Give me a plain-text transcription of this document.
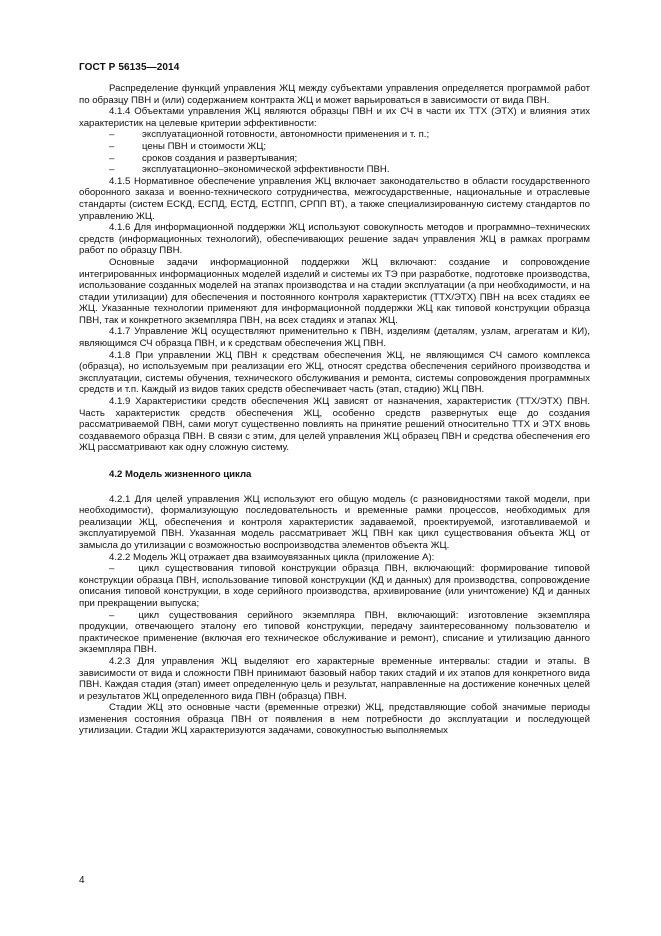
ГОСТ Р 56135—2014

Распределение функций управления ЖЦ между субъектами управления определяется программой работ по образцу ПВН и (или) содержанием контракта ЖЦ и может варьироваться в зависимости от вида ПВН.

4.1.4 Объектами управления ЖЦ являются образцы ПВН и их СЧ в части их ТТХ (ЭТХ) и влияния этих характеристик на целевые критерии эффективности:

–	эксплуатационной готовности, автономности применения и т. п.;
–	цены ПВН и стоимости ЖЦ;
–	сроков создания и развертывания;
–	эксплуатационно–экономической эффективности ПВН.

4.1.5 Нормативное обеспечение управления ЖЦ включает законодательство в области государственного оборонного заказа и военно-технического сотрудничества, межгосударственные, национальные и отраслевые стандарты (систем ЕСКД, ЕСПД, ЕСТД, ЕСТПП, СРПП ВТ), а также специализированную систему стандартов по управлению ЖЦ.

4.1.6 Для информационной поддержки ЖЦ используют совокупность методов и программно–технических средств (информационных технологий), обеспечивающих решение задач управления ЖЦ в рамках программ работ по образцу ПВН.

Основные задачи информационной поддержки ЖЦ включают: создание и сопровождение интегрированных информационных моделей изделий и системы их ТЭ при разработке, подготовке производства, использование созданных моделей на этапах производства и на стадии эксплуатации (а при необходимости, и на стадии утилизации) для обеспечения и постоянного контроля характеристик (ТТХ/ЭТХ) ПВН на всех стадиях ее ЖЦ. Указанные технологии применяют для информационной поддержки ЖЦ как типовой конструкции образца ПВН, так и конкретного экземпляра ПВН, на всех стадиях и этапах ЖЦ.

4.1.7 Управление ЖЦ осуществляют применительно к ПВН, изделиям (деталям, узлам, агрегатам и КИ), являющимся СЧ образца ПВН, и к средствам обеспечения ЖЦ ПВН.

4.1.8 При управлении ЖЦ ПВН к средствам обеспечения ЖЦ, не являющимся СЧ самого комплекса (образца), но используемым при реализации его ЖЦ, относят средства обеспечения серийного производства и эксплуатации, системы обучения, технического обслуживания и ремонта, системы сопровождения программных средств и т.п. Каждый из видов таких средств обеспечивает часть (этап, стадию) ЖЦ ПВН.

4.1.9 Характеристики средств обеспечения ЖЦ зависят от назначения, характеристик (ТТХ/ЭТХ) ПВН. Часть характеристик средств обеспечения ЖЦ, особенно средств развернутых еще до создания рассматриваемой ПВН, сами могут существенно повлиять на принятие решений относительно ТТХ и ЭТХ вновь создаваемого образца ПВН. В связи с этим, для целей управления ЖЦ образец ПВН и средства обеспечения его ЖЦ рассматривают как одну сложную систему.

4.2 Модель жизненного цикла

4.2.1 Для целей управления ЖЦ используют его общую модель (с разновидностями такой модели, при необходимости), формализующую последовательность и временные рамки процессов, необходимых для реализации ЖЦ, обеспечения и контроля характеристик задаваемой, проектируемой, изготавливаемой и эксплуатируемой ПВН. Указанная модель рассматривает ЖЦ ПВН как цикл существования объекта ЖЦ от замысла до утилизации с возможностью воспроизводства элементов объекта ЖЦ.

4.2.2 Модель ЖЦ отражает два взаимоувязанных цикла (приложение А):

–	цикл существования типовой конструкции образца ПВН, включающий: формирование типовой конструкции образца ПВН, использование типовой конструкции (КД и данных) для производства, сопровождение описания типовой конструкции, в ходе серийного производства, архивирование (или уничтожение) КД и данных при прекращении выпуска;

–	цикл существования серийного экземпляра ПВН, включающий: изготовление экземпляра продукции, отвечающего эталону его типовой конструкции, передачу заинтересованному пользователю и практическое применение (включая его техническое обслуживание и ремонт), списание и утилизацию данного экземпляра ПВН.

4.2.3 Для управления ЖЦ выделяют его характерные временные интервалы: стадии и этапы. В зависимости от вида и сложности ПВН принимают базовый набор таких стадий и их этапов для конкретного вида ПВН. Каждая стадия (этап) имеет определенную цель и результат, направленные на достижение конечных целей и результатов ЖЦ определенного вида ПВН (образца) ПВН.

Стадии ЖЦ это основные части (временные отрезки) ЖЦ, представляющие собой значимые периоды изменения состояния образца ПВН от появления в нем потребности до эксплуатации и последующей утилизации. Стадии ЖЦ характеризуются задачами, совокупностью выполняемых

4
